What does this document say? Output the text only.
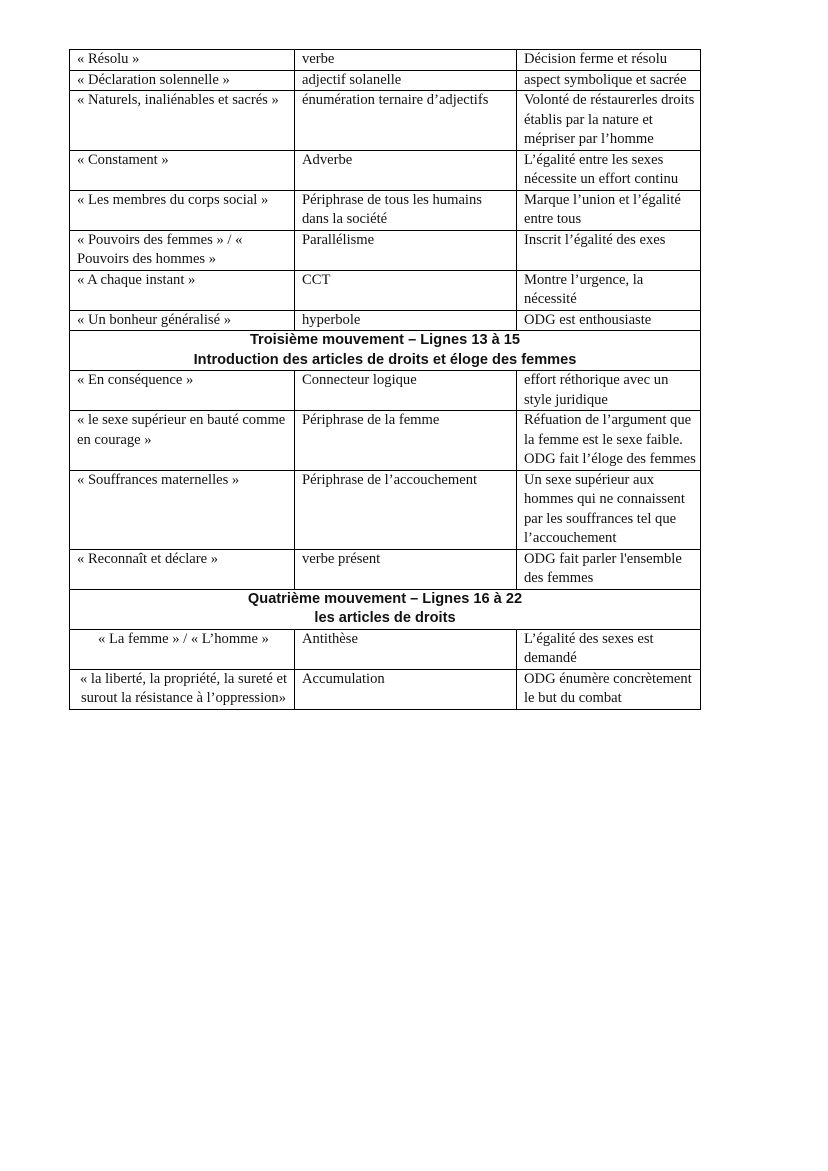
« Résolu »	verbe	Décision ferme et résolu
« Déclaration solennelle »	adjectif solanelle	aspect symbolique et sacrée
« Naturels, inaliénables et sacrés »	énumération ternaire d’adjectifs	Volonté de réstaurerles droits établis par la nature et mépriser par l’homme
« Constament »	Adverbe	L’égalité entre les sexes nécessite un effort continu
« Les membres du corps social »	Périphrase de tous les humains dans la société	Marque l’union et l’égalité entre tous
« Pouvoirs des femmes » / « Pouvoirs des hommes »	Parallélisme	Inscrit l’égalité des exes
« A chaque instant »	CCT	Montre l’urgence, la nécessité
« Un bonheur généralisé »	hyperbole	ODG est enthousiaste

Troisième mouvement – Lignes 13 à 15
Introduction des articles de droits et éloge des femmes		

« En conséquence »	Connecteur logique	effort réthorique avec un style juridique
« le sexe supérieur en bauté comme en courage »	Périphrase de la femme	Réfuation de l’argument que la femme est le sexe faible. ODG fait l’éloge des femmes
« Souffrances maternelles »	Périphrase de l’accouchement	Un sexe supérieur aux hommes qui ne connaissent par les souffrances tel que l’accouchement
« Reconnaît et déclare »	verbe présent	ODG fait parler l'ensemble des femmes

Quatrième mouvement – Lignes 16 à 22
les articles de droits		

« La femme » / « L’homme »	Antithèse	L’égalité des sexes est demandé
« la liberté, la propriété, la sureté et surout la résistance à l’oppression»	Accumulation	ODG énumère concrètement le but du combat
